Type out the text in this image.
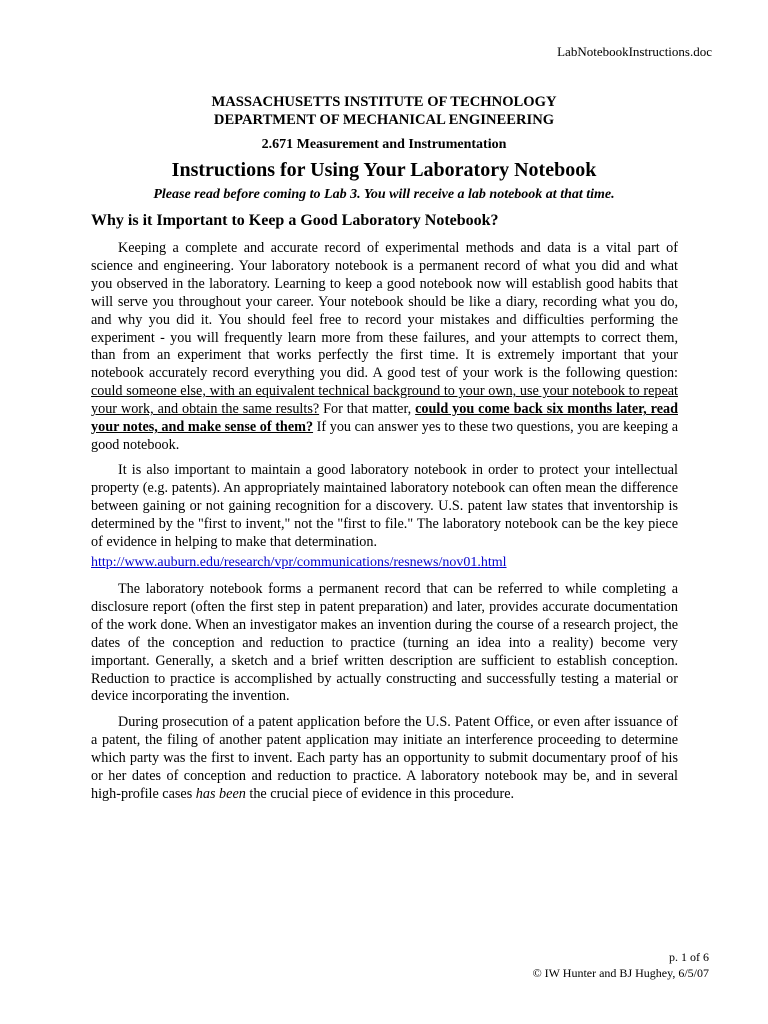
LabNotebookInstructions.doc
MASSACHUSETTS INSTITUTE OF TECHNOLOGY
DEPARTMENT OF MECHANICAL ENGINEERING
2.671 Measurement and Instrumentation
Instructions for Using Your Laboratory Notebook
Please read before coming to Lab 3. You will receive a lab notebook at that time.
Why is it Important to Keep a Good Laboratory Notebook?

Keeping a complete and accurate record of experimental methods and data is a vital part of science and engineering. Your laboratory notebook is a permanent record of what you did and what you observed in the laboratory. Learning to keep a good notebook now will establish good habits that will serve you throughout your career. Your notebook should be like a diary, recording what you do, and why you did it. You should feel free to record your mistakes and difficulties performing the experiment - you will frequently learn more from these failures, and your attempts to correct them, than from an experiment that works perfectly the first time. It is extremely important that your notebook accurately record everything you did. A good test of your work is the following question: could someone else, with an equivalent technical background to your own, use your notebook to repeat your work, and obtain the same results? For that matter, could you come back six months later, read your notes, and make sense of them? If you can answer yes to these two questions, you are keeping a good notebook.

It is also important to maintain a good laboratory notebook in order to protect your intellectual property (e.g. patents). An appropriately maintained laboratory notebook can often mean the difference between gaining or not gaining recognition for a discovery. U.S. patent law states that inventorship is determined by the "first to invent," not the "first to file." The laboratory notebook can be the key piece of evidence in helping to make that determination.

http://www.auburn.edu/research/vpr/communications/resnews/nov01.html

The laboratory notebook forms a permanent record that can be referred to while completing a disclosure report (often the first step in patent preparation) and later, provides accurate documentation of the work done. When an investigator makes an invention during the course of a research project, the dates of the conception and reduction to practice (turning an idea into a reality) become very important. Generally, a sketch and a brief written description are sufficient to establish conception. Reduction to practice is accomplished by actually constructing and successfully testing a material or device incorporating the invention.

During prosecution of a patent application before the U.S. Patent Office, or even after issuance of a patent, the filing of another patent application may initiate an interference proceeding to determine which party was the first to invent. Each party has an opportunity to submit documentary proof of his or her dates of conception and reduction to practice. A laboratory notebook may be, and in several high-profile cases has been the crucial piece of evidence in this procedure.

p. 1 of 6
© IW Hunter and BJ Hughey, 6/5/07
